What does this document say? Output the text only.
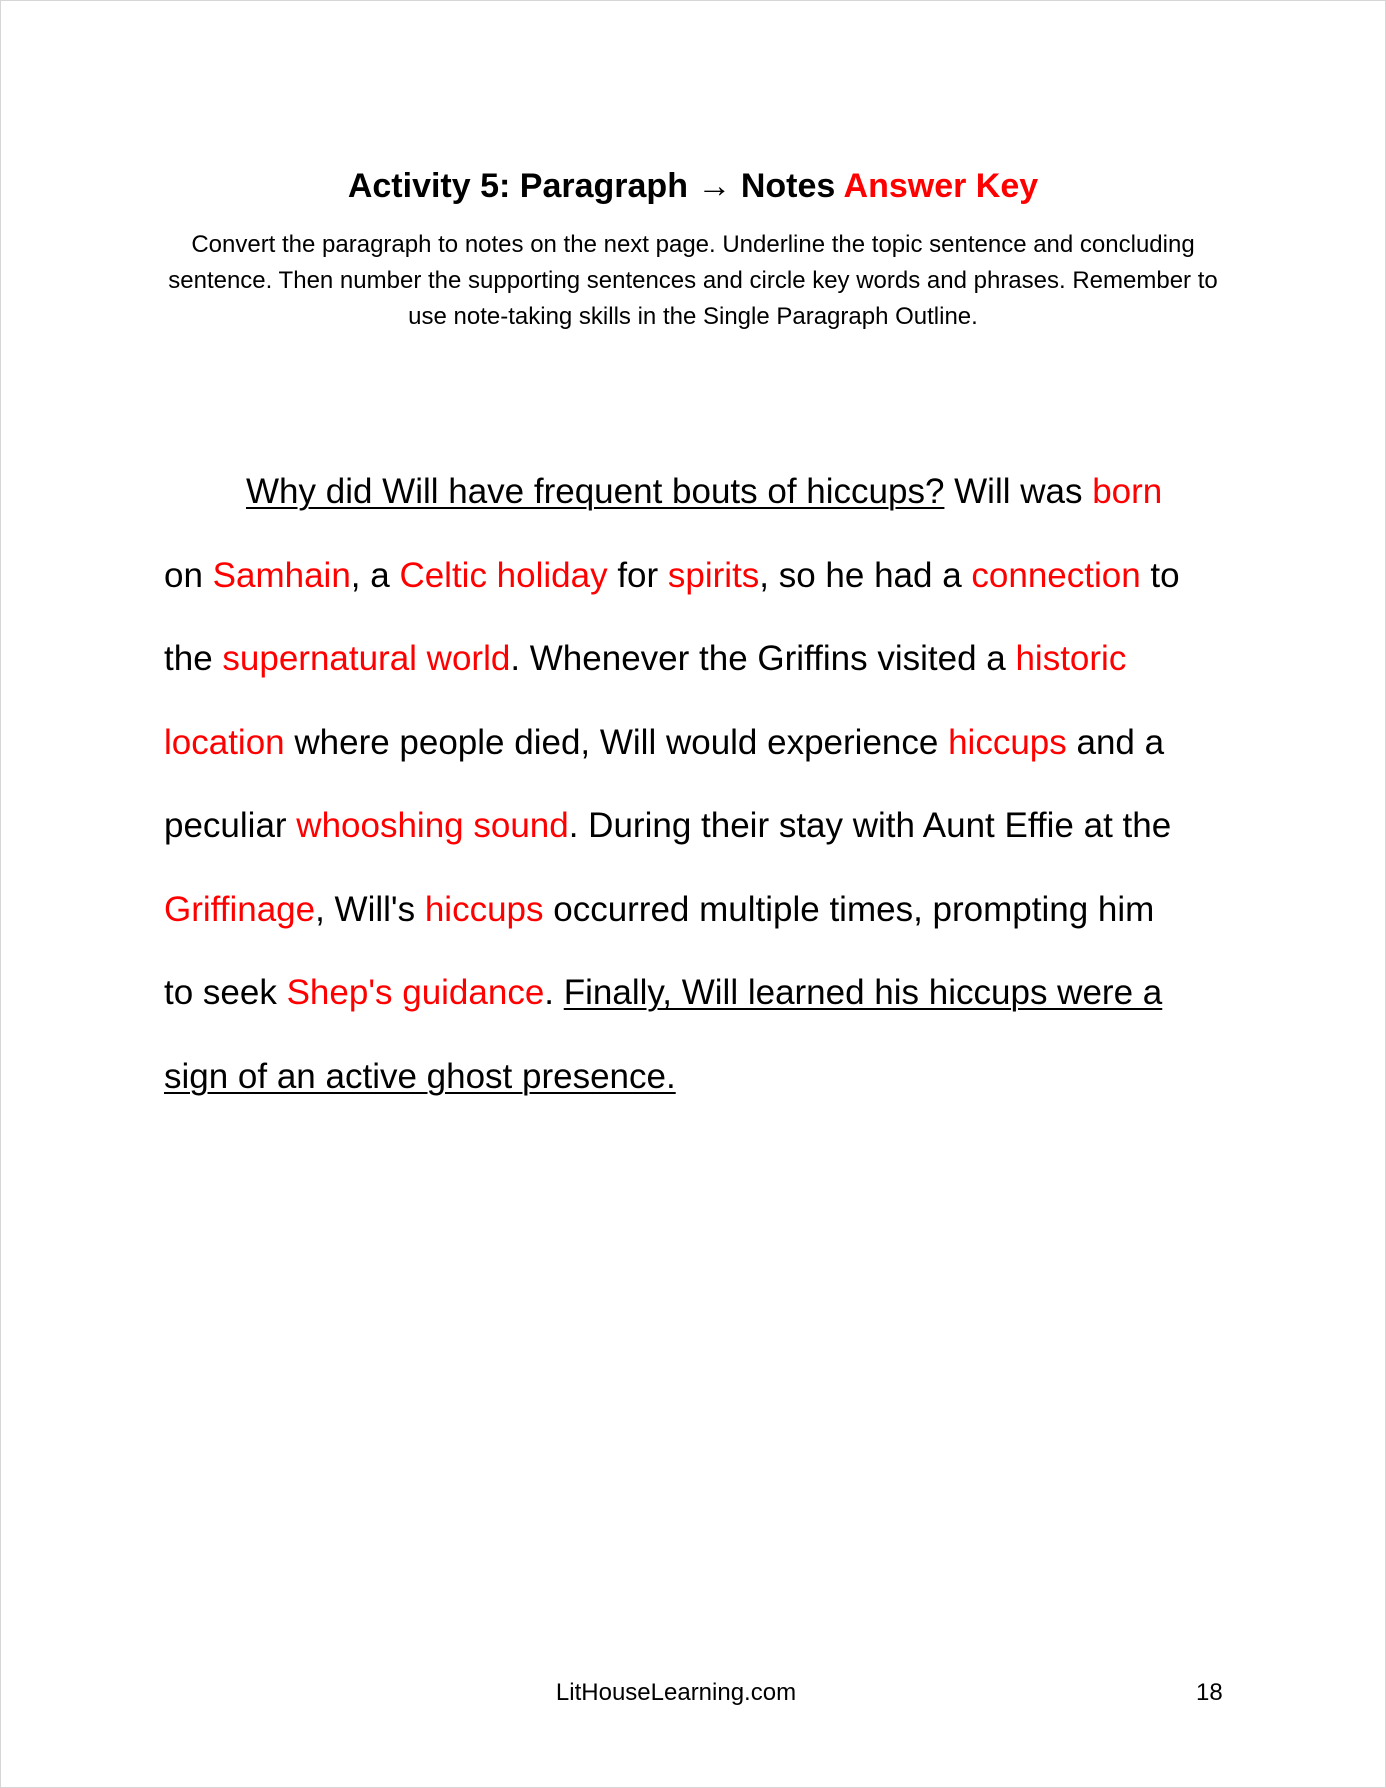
Activity 5: Paragraph → Notes Answer Key
Convert the paragraph to notes on the next page. Underline the topic sentence and concluding sentence. Then number the supporting sentences and circle key words and phrases. Remember to use note-taking skills in the Single Paragraph Outline.
Why did Will have frequent bouts of hiccups? Will was born
on Samhain, a Celtic holiday for spirits, so he had a connection to
the supernatural world. Whenever the Griffins visited a historic
location where people died, Will would experience hiccups and a
peculiar whooshing sound. During their stay with Aunt Effie at the
Griffinage, Will's hiccups occurred multiple times, prompting him
to seek Shep's guidance. Finally, Will learned his hiccups were a
sign of an active ghost presence.
LitHouseLearning.com	18
